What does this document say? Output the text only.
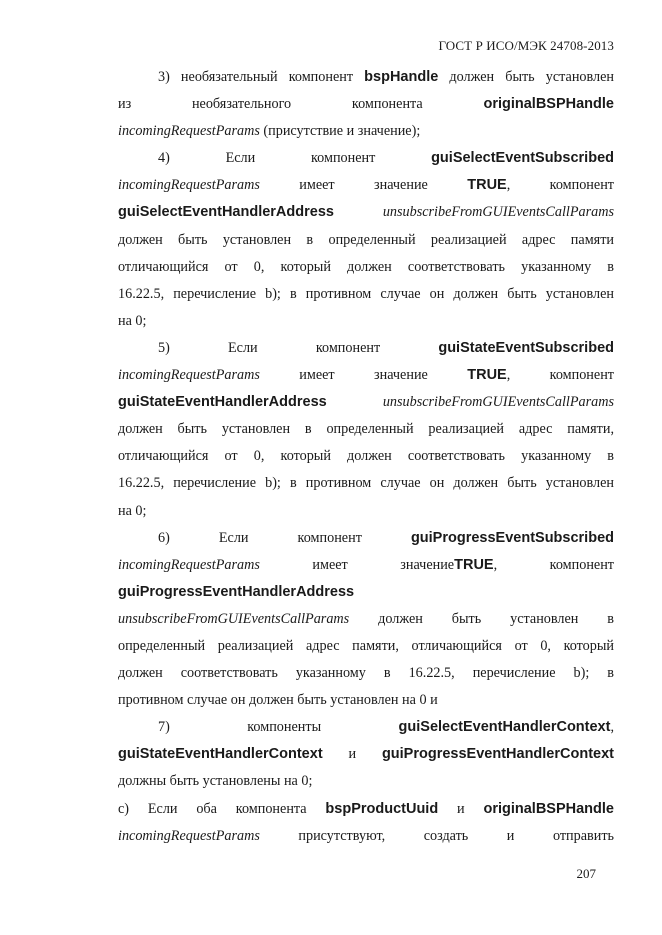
ГОСТ Р ИСО/МЭК 24708-2013

3) необязательный компонент bspHandle должен быть установлен

из необязательного компонента originalBSPHandle

incomingRequestParams (присутствие и значение);

4) Если компонент guiSelectEventSubscribed

incomingRequestParams имеет значение TRUE, компонент

guiSelectEventHandlerAddress	unsubscribeFromGUIEventsCallParams

должен быть установлен в определенный реализацией адрес памяти

отличающийся от 0, который должен соответствовать указанному в

16.22.5, перечисление b); в противном случае он должен быть установлен

на 0;

5) Если компонент guiStateEventSubscribed

incomingRequestParams имеет значение TRUE, компонент

guiStateEventHandlerAddress	unsubscribeFromGUIEventsCallParams

должен быть установлен в определенный реализацией адрес памяти,

отличающийся от 0, который должен соответствовать указанному в

16.22.5, перечисление b); в противном случае он должен быть установлен

на 0;

6) Если компонент guiProgressEventSubscribed

incomingRequestParams имеет значениеTRUE, компонент

guiProgressEventHandlerAddress

unsubscribeFromGUIEventsCallParams должен быть установлен в

определенный реализацией адрес памяти, отличающийся от 0, который

должен соответствовать указанному в 16.22.5, перечисление b); в

противном случае он должен быть установлен на 0 и

7) компоненты guiSelectEventHandlerContext,

guiStateEventHandlerContext и guiProgressEventHandlerContext

должны быть установлены на 0;

c) Если оба компонента bspProductUuid и originalBSPHandle

incomingRequestParams присутствуют, создать и отправить

207
